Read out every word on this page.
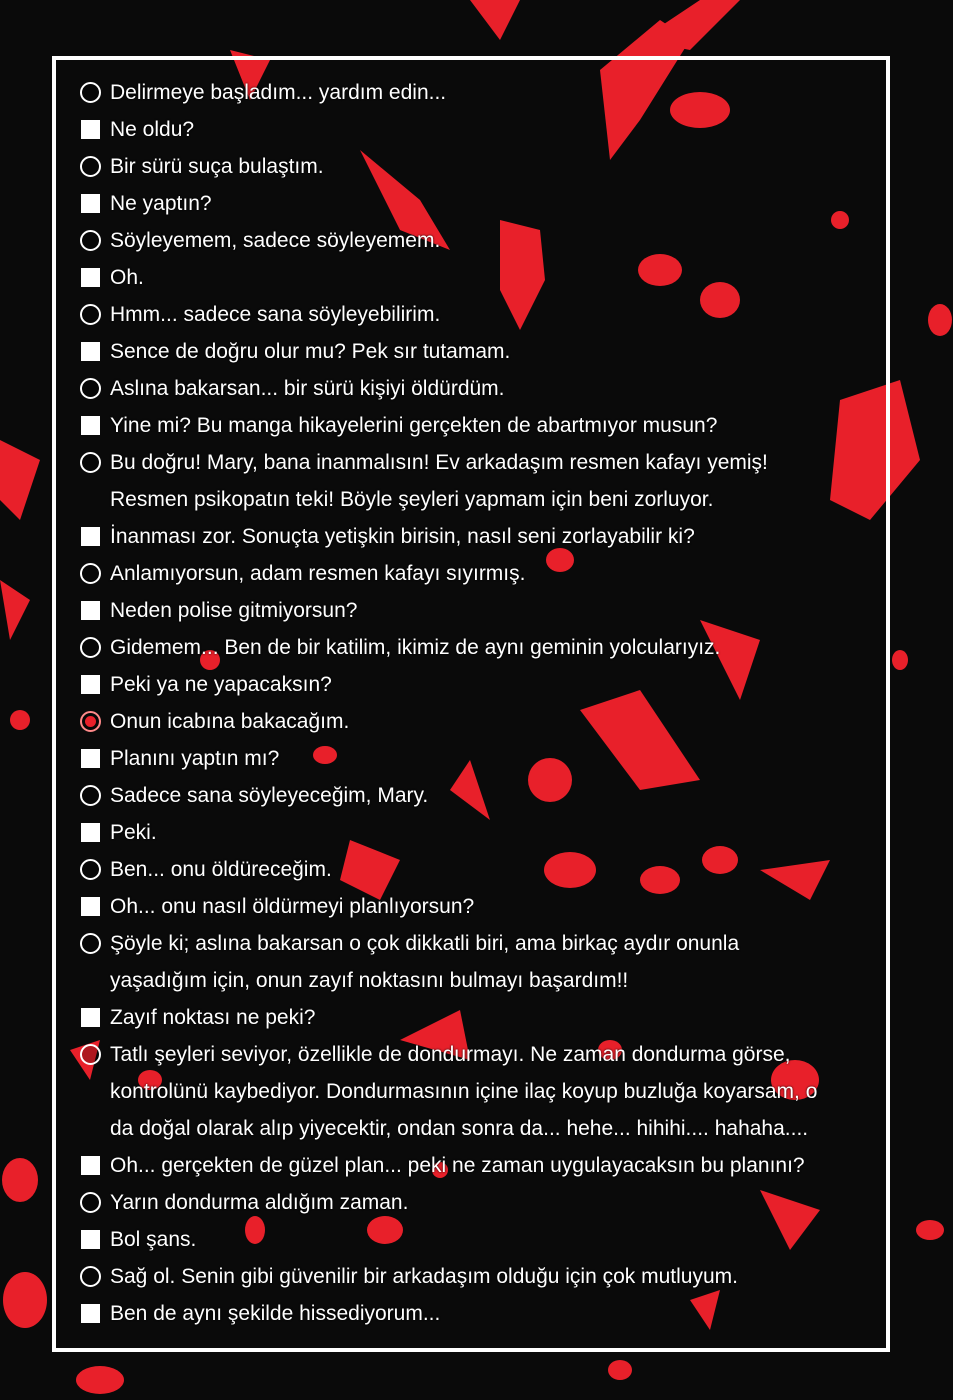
Delirmeye başladım... yardım edin...
Ne oldu?
Bir sürü suça bulaştım.
Ne yaptın?
Söyleyemem, sadece söyleyemem.
Oh.
Hmm... sadece sana söyleyebilirim.
Sence de doğru olur mu? Pek sır tutamam.
Aslına bakarsan... bir sürü kişiyi öldürdüm.
Yine mi? Bu manga hikayelerini gerçekten de abartmıyor musun?
Bu doğru! Mary, bana inanmalısın! Ev arkadaşım resmen kafayı yemiş!
Resmen psikopatın teki! Böyle şeyleri yapmam için beni zorluyor.
İnanması zor. Sonuçta yetişkin birisin, nasıl seni zorlayabilir ki?
Anlamıyorsun, adam resmen kafayı sıyırmış.
Neden polise gitmiyorsun?
Gidemem... Ben de bir katilim, ikimiz de aynı geminin yolcularıyız.
Peki ya ne yapacaksın?
Onun icabına bakacağım.
Planını yaptın mı?
Sadece sana söyleyeceğim, Mary.
Peki.
Ben... onu öldüreceğim.
Oh... onu nasıl öldürmeyi planlıyorsun?
Şöyle ki; aslına bakarsan o çok dikkatli biri, ama birkaç aydır onunla
yaşadığım için, onun zayıf noktasını bulmayı başardım!!
Zayıf noktası ne peki?
Tatlı şeyleri seviyor, özellikle de dondurmayı. Ne zaman dondurma görse,
kontrolünü kaybediyor. Dondurmasının içine ilaç koyup buzluğa koyarsam, o
da doğal olarak alıp yiyecektir, ondan sonra da... hehe... hihihi.... hahaha....
Oh... gerçekten de güzel plan... peki ne zaman uygulayacaksın bu planını?
Yarın dondurma aldığım zaman.
Bol şans.
Sağ ol. Senin gibi güvenilir bir arkadaşım olduğu için çok mutluyum.
Ben de aynı şekilde hissediyorum...
